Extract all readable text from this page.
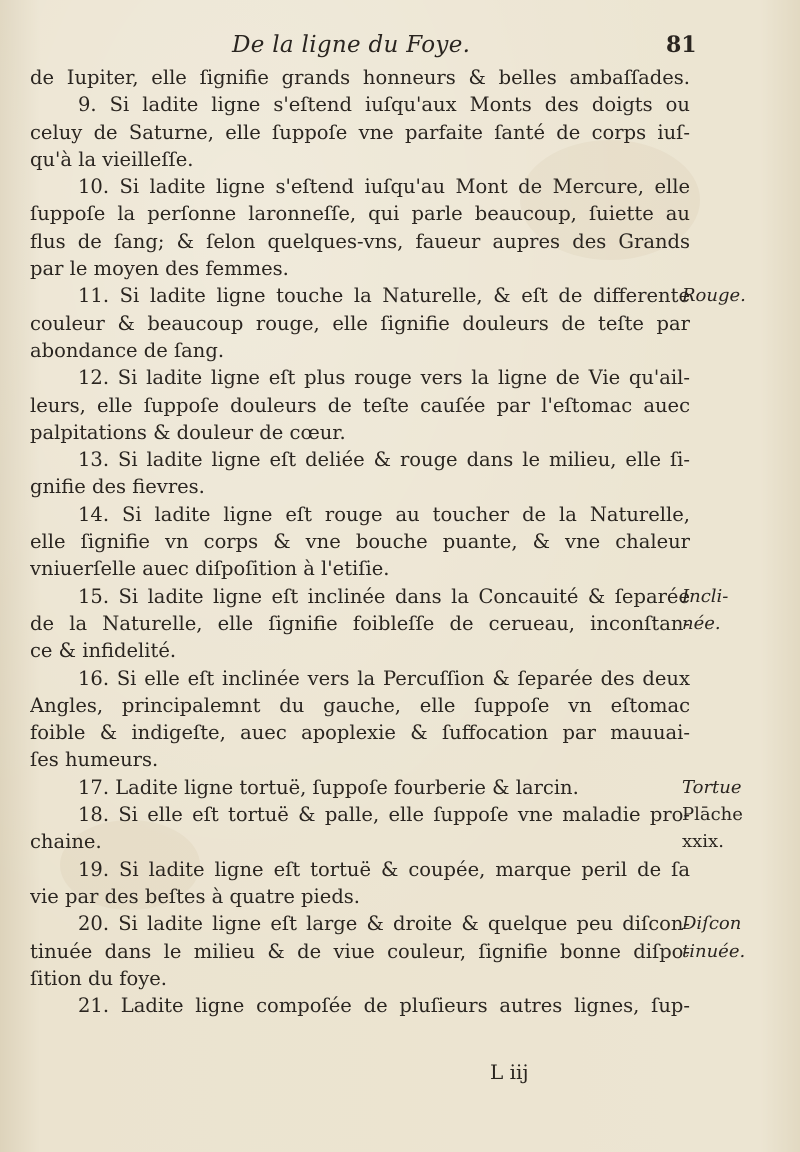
De la ligne du Foye.	81
de Iupiter, elle ſignifie grands honneurs & belles ambaſſades.
9. Si ladite ligne s'eſtend iuſqu'aux Monts des doigts ou
celuy de Saturne, elle ſuppoſe vne parfaite ſanté de corps iuſ-
qu'à la vieilleſſe.
10. Si ladite ligne s'eſtend iuſqu'au Mont de Mercure, elle
ſuppoſe la perſonne laronneſſe, qui parle beaucoup, ſuiette au
flus de ſang; & ſelon quelques-vns, faueur aupres des Grands
par le moyen des femmes.
11. Si ladite ligne touche la Naturelle, & eſt de differente
couleur & beaucoup rouge, elle ſignifie douleurs de teſte par
abondance de ſang.
12. Si ladite ligne eſt plus rouge vers la ligne de Vie qu'ail-
leurs, elle ſuppoſe douleurs de teſte cauſée par l'eſtomac auec
palpitations & douleur de cœur.
13. Si ladite ligne eſt deliée & rouge dans le milieu, elle ſi-
gnifie des fievres.
14. Si ladite ligne eſt rouge au toucher de la Naturelle,
elle ſignifie vn corps & vne bouche puante, & vne chaleur
vniuerſelle auec diſpoſition à l'etiſie.
15. Si ladite ligne eſt inclinée dans la Concauité & ſeparée
de la Naturelle, elle ſignifie foibleſſe de cerueau, inconſtan-
ce & infidelité.
16. Si elle eſt inclinée vers la Percuſſion & ſeparée des deux
Angles, principalemnt du gauche, elle ſuppoſe vn eſtomac
foible & indigeſte, auec apoplexie & ſuffocation par mauuai-
ſes humeurs.
17. Ladite ligne tortuë, ſuppoſe fourberie & larcin.
18. Si elle eſt tortuë & palle, elle ſuppoſe vne maladie pro-
chaine.
19. Si ladite ligne eſt tortuë & coupée, marque peril de ſa
vie par des beſtes à quatre pieds.
20. Si ladite ligne eſt large & droite & quelque peu diſcon-
tinuée dans le milieu & de viue couleur, ſignifie bonne diſpo-
ſition du foye.
21. Ladite ligne compoſée de pluſieurs autres lignes, ſup-
Rouge.
Incli-
née.
Tortue
Plāche
xxix.
Diſcon
tinuée.
L iij
